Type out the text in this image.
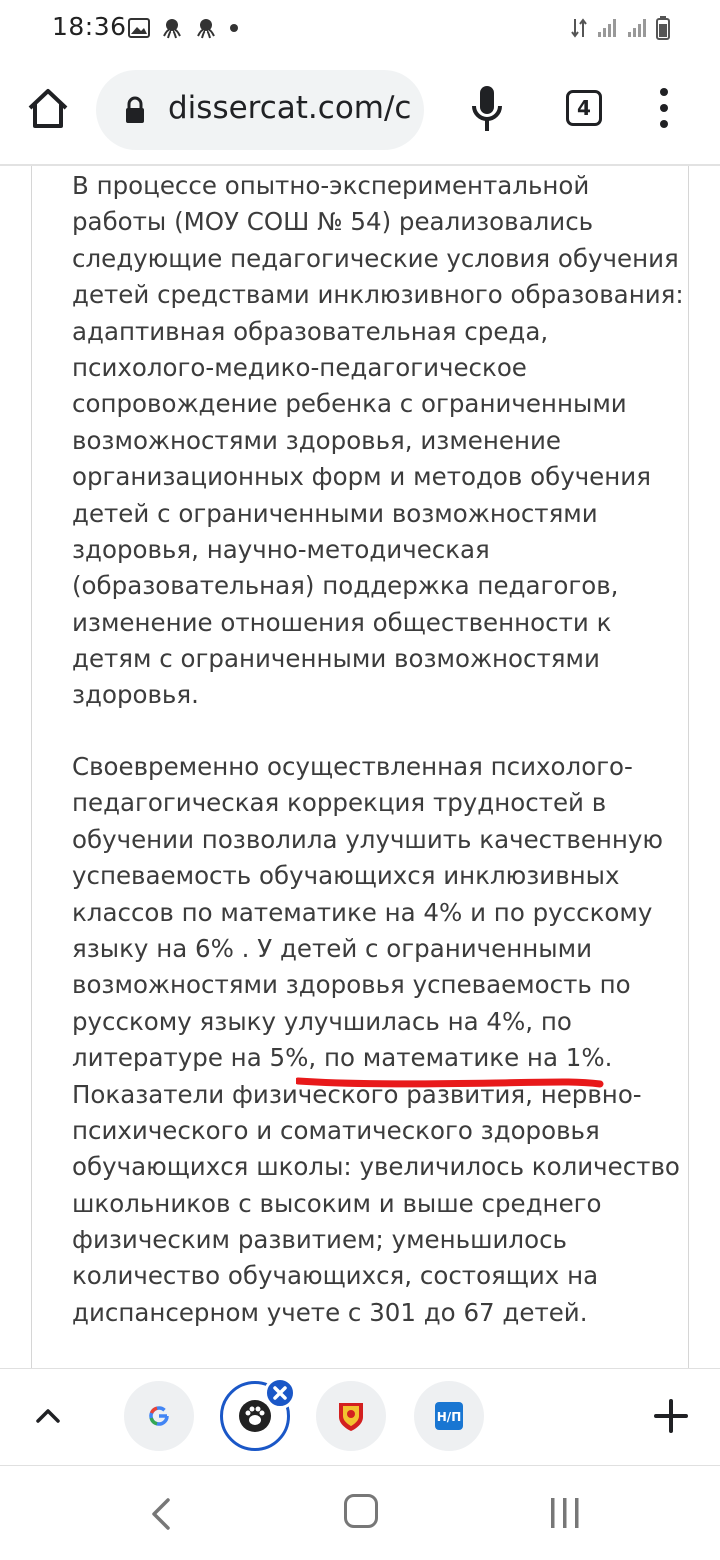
18:36
dissercat.com/c	4
В процессе опытно-экспериментальной
работы (МОУ СОШ № 54) реализовались
следующие педагогические условия обучения
детей средствами инклюзивного образования:
адаптивная образовательная среда,
психолого-медико-педагогическое
сопровождение ребенка с ограниченными
возможностями здоровья, изменение
организационных форм и методов обучения
детей с ограниченными возможностями
здоровья, научно-методическая
(образовательная) поддержка педагогов,
изменение отношения общественности к
детям с ограниченными возможностями
здоровья.
Своевременно осуществленная психолого-
педагогическая коррекция трудностей в
обучении позволила улучшить качественную
успеваемость обучающихся инклюзивных
классов по математике на 4% и по русскому
языку на 6% . У детей с ограниченными
возможностями здоровья успеваемость по
русскому языку улучшилась на 4%, по
литературе на 5%, по математике на 1%.
Показатели физического развития, нервно-
психического и соматического здоровья
обучающихся школы: увеличилось количество
школьников с высоким и выше среднего
физическим развитием; уменьшилось
количество обучающихся, состоящих на
диспансерном учете с 301 до 67 детей.
Н/П
